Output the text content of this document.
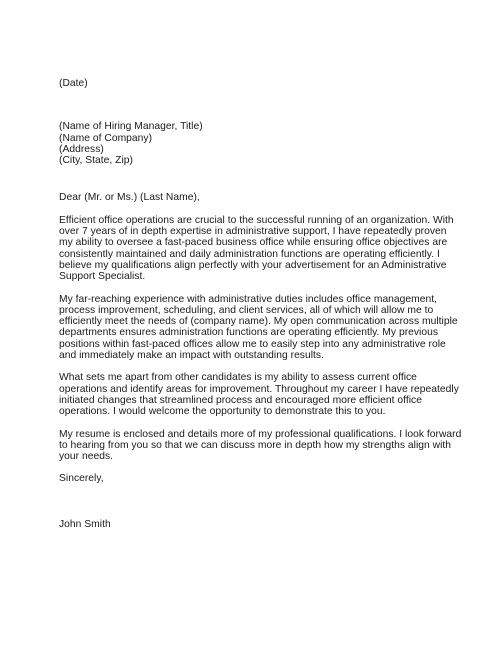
(Date)
(Name of Hiring Manager, Title)
(Name of Company)
(Address)
(City, State, Zip)
Dear (Mr. or Ms.) (Last Name),

Efficient office operations are crucial to the successful running of an organization. With
over 7 years of in depth expertise in administrative support, I have repeatedly proven
my ability to oversee a fast-paced business office while ensuring office objectives are
consistently maintained and daily administration functions are operating efficiently. I
believe my qualifications align perfectly with your advertisement for an Administrative
Support Specialist.

My far-reaching experience with administrative duties includes office management,
process improvement, scheduling, and client services, all of which will allow me to
efficiently meet the needs of (company name). My open communication across multiple
departments ensures administration functions are operating efficiently. My previous
positions within fast-paced offices allow me to easily step into any administrative role
and immediately make an impact with outstanding results.

What sets me apart from other candidates is my ability to assess current office
operations and identify areas for improvement. Throughout my career I have repeatedly
initiated changes that streamlined process and encouraged more efficient office
operations. I would welcome the opportunity to demonstrate this to you.

My resume is enclosed and details more of my professional qualifications. I look forward
to hearing from you so that we can discuss more in depth how my strengths align with
your needs.

Sincerely,
John Smith
